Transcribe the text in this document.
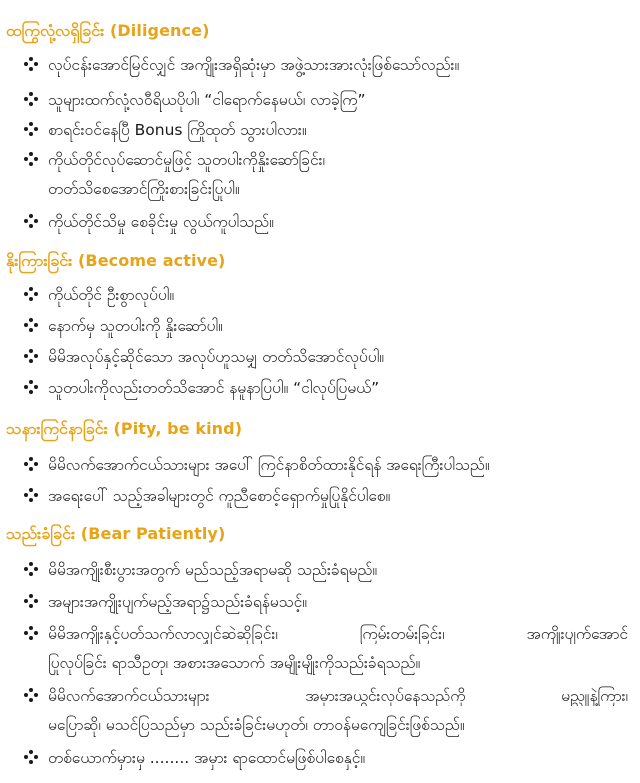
ထကြွလုံ့လရှိခြင်း (Diligence)
လုပ်ငန်းအောင်မြင်လျှင် အကျိုးအရှိဆုံးမှာ အဖွဲ့သားအားလုံးဖြစ်သော်လည်း။
သူများထက်လုံ့လဝီရိယပိုပါ၊ “ငါရောက်နေမယ်၊ လာခဲ့ကြ”
စာရင်းဝင်နေပြီ Bonus ကြိုထုတ် သွားပါလား။
ကိုယ်တိုင်လုပ်ဆောင်မှုဖြင့် သူတပါးကိုနှိုးဆော်ခြင်း၊
တတ်သိစေအောင်ကြိုးစားခြင်းပြုပါ။
ကိုယ်တိုင်သိမှု စေခိုင်းမှု လွယ်ကူပါသည်။
နိုးကြားခြင်း (Become active)
ကိုယ်တိုင် ဦးစွာလုပ်ပါ။
နောက်မှ သူတပါးကို နှိုးဆော်ပါ။
မိမိအလုပ်နှင့်ဆိုင်သော အလုပ်ဟူသမျှ တတ်သိအောင်လုပ်ပါ။
သူတပါးကိုလည်းတတ်သိအောင် နမူနာပြပါ။ “ငါလုပ်ပြမယ်”
သနားကြင်နာခြင်း (Pity, be kind)
မိမိလက်အောက်ငယ်သားများ အပေါ် ကြင်နာစိတ်ထားနိုင်ရန် အရေးကြီးပါသည်။
အရေးပေါ် သည့်အခါများတွင် ကူညီစောင့်ရှောက်မှုပြုနိုင်ပါစေ။
သည်းခံခြင်း (Bear Patiently)
မိမိအကျိုးစီးပွားအတွက် မည်သည့်အရာမဆို သည်းခံရမည်။
အများအကျိုးပျက်မည့်အရာ၌သည်းခံရန်မသင့်။
မိမိအကျိုးနှင့်ပတ်သက်လာလျှင်ဆဲဆိုခြင်း၊ ကြမ်းတမ်းခြင်း၊ အကျိုးပျက်အောင်
ပြုလုပ်ခြင်း ရာသီဥတု၊ အစားအသောက် အမျိုးမျိုးကိုသည်းခံရသည်။
မိမိလက်အောက်ငယ်သားများ အမှားအယွင်းလုပ်နေသည်ကို မည္သူနဲ့ကြား၊
မပြောဆို၊ မသင်ပြသည်မှာ သည်းခံခြင်းမဟုတ်၊ တာဝန်မကျေခြင်းဖြစ်သည်။
တစ်ယောက်မှားမှ ........ အမှား ရာထောင်မဖြစ်ပါစေနှင့်။
